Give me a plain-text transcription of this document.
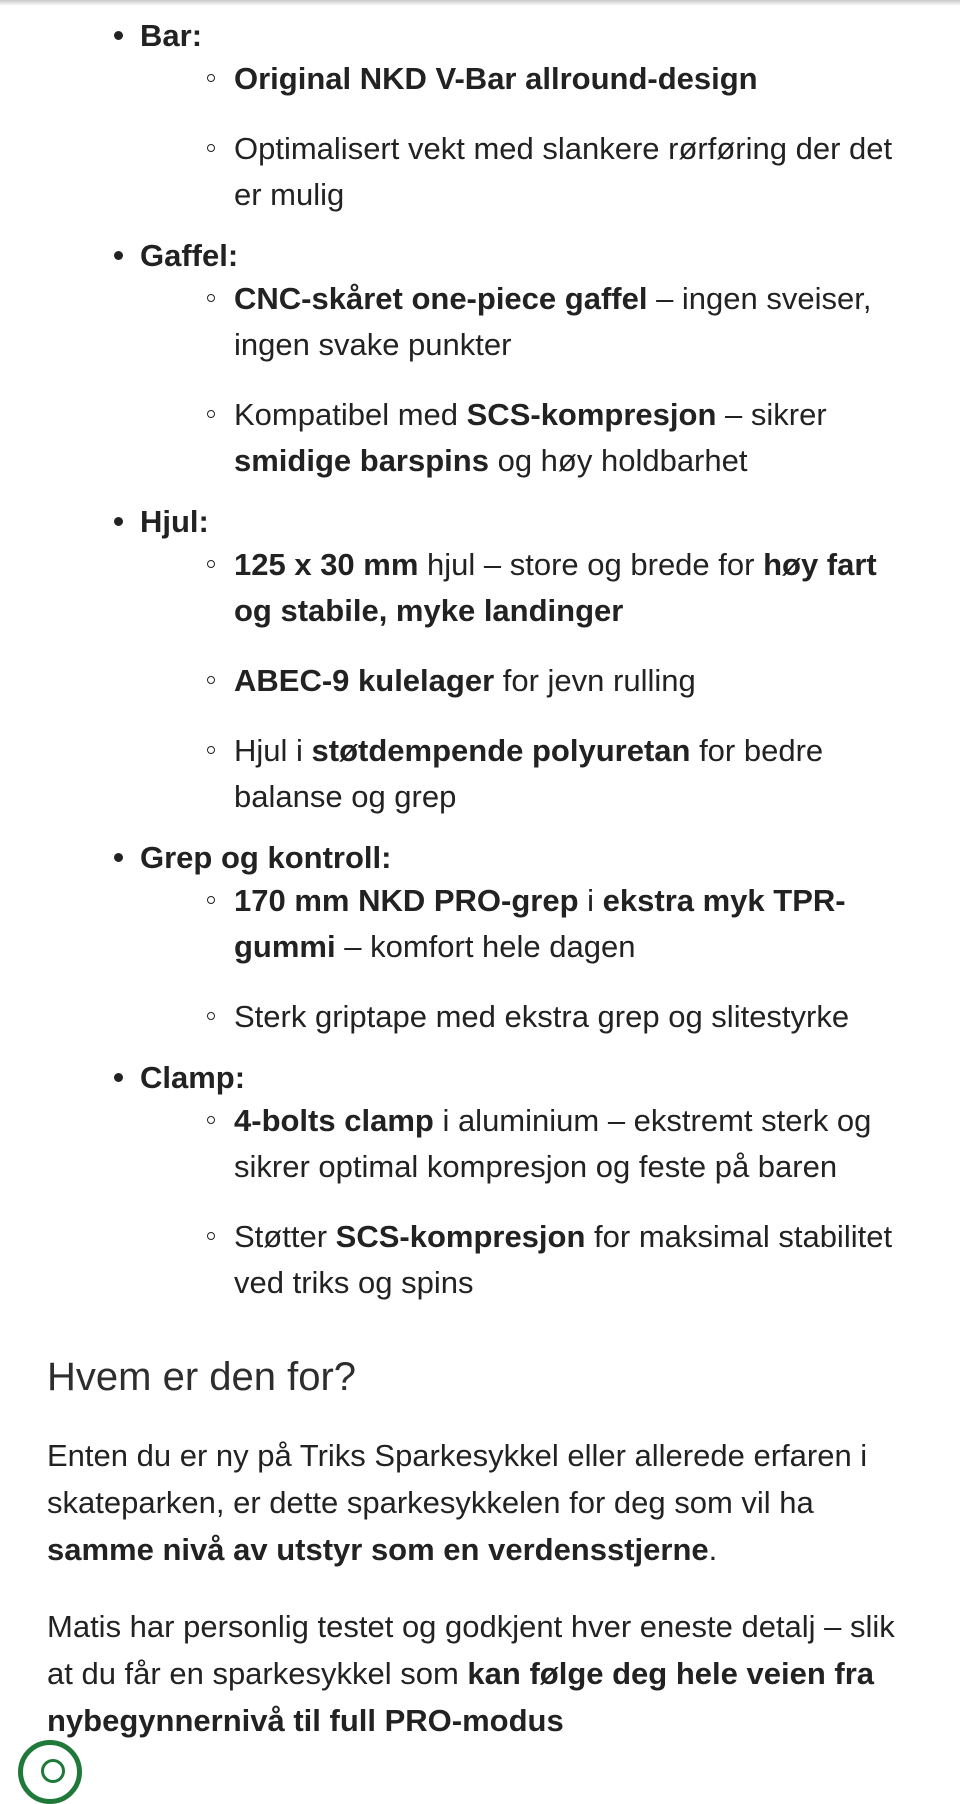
Bar:
Original NKD V-Bar allround-design
Optimalisert vekt med slankere rørføring der det er mulig
Gaffel:
CNC-skåret one-piece gaffel – ingen sveiser, ingen svake punkter
Kompatibel med SCS-kompresjon – sikrer smidige barspins og høy holdbarhet
Hjul:
125 x 30 mm hjul – store og brede for høy fart og stabile, myke landinger
ABEC-9 kulelager for jevn rulling
Hjul i støtdempende polyuretan for bedre balanse og grep
Grep og kontroll:
170 mm NKD PRO-grep i ekstra myk TPR-gummi – komfort hele dagen
Sterk griptape med ekstra grep og slitestyrke
Clamp:
4-bolts clamp i aluminium – ekstremt sterk og sikrer optimal kompresjon og feste på baren
Støtter SCS-kompresjon for maksimal stabilitet ved triks og spins
Hvem er den for?

Enten du er ny på Triks Sparkesykkel eller allerede erfaren i skateparken, er dette sparkesykkelen for deg som vil ha samme nivå av utstyr som en verdensstjerne.

Matis har personlig testet og godkjent hver eneste detalj – slik at du får en sparkesykkel som kan følge deg hele veien fra nybegynnernivå til full PRO-modus
